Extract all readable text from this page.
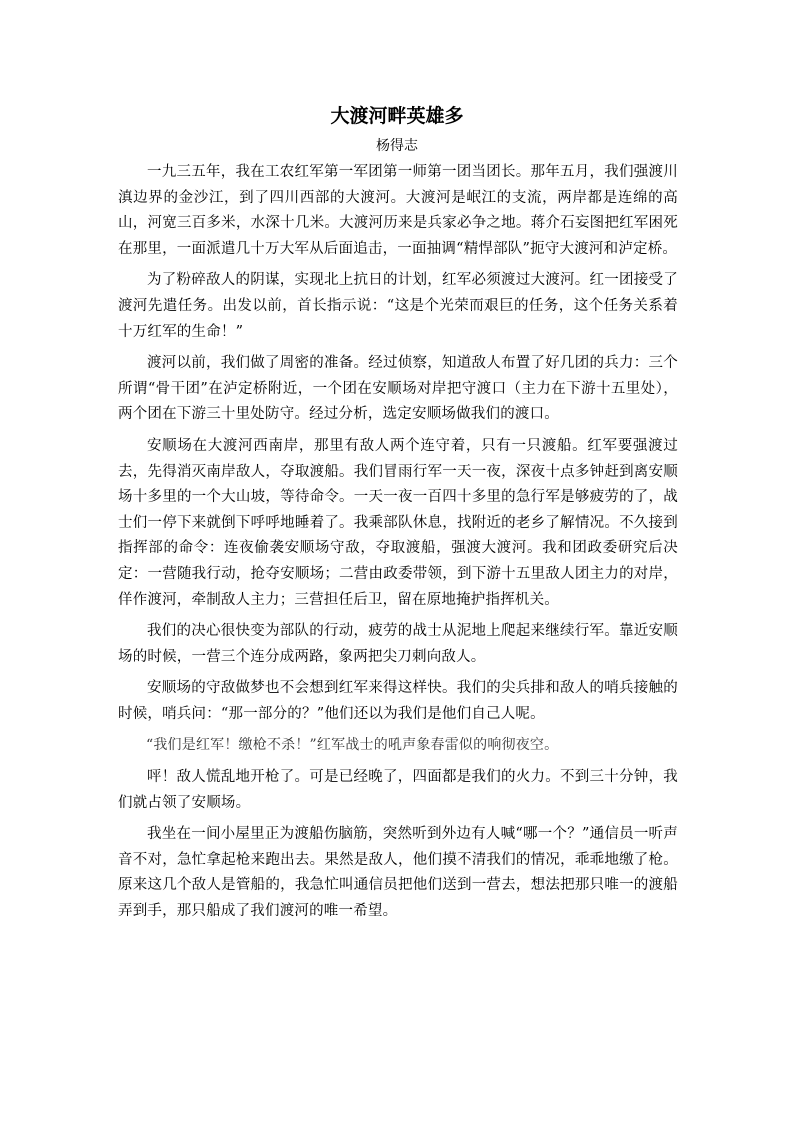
大渡河畔英雄多
杨得志

一九三五年，我在工农红军第一军团第一师第一团当团长。那年五月，我们强渡川滇边界的金沙江，到了四川西部的大渡河。大渡河是岷江的支流，两岸都是连绵的高山，河宽三百多米，水深十几米。大渡河历来是兵家必争之地。蒋介石妄图把红军困死在那里，一面派遣几十万大军从后面追击，一面抽调“精悍部队”扼守大渡河和泸定桥。

为了粉碎敌人的阴谋，实现北上抗日的计划，红军必须渡过大渡河。红一团接受了渡河先遣任务。出发以前，首长指示说：“这是个光荣而艰巨的任务，这个任务关系着十万红军的生命！”

渡河以前，我们做了周密的准备。经过侦察，知道敌人布置了好几团的兵力：三个所谓“骨干团”在泸定桥附近，一个团在安顺场对岸把守渡口（主力在下游十五里处），两个团在下游三十里处防守。经过分析，选定安顺场做我们的渡口。

安顺场在大渡河西南岸，那里有敌人两个连守着，只有一只渡船。红军要强渡过去，先得消灭南岸敌人，夺取渡船。我们冒雨行军一天一夜，深夜十点多钟赶到离安顺场十多里的一个大山坡，等待命令。一天一夜一百四十多里的急行军是够疲劳的了，战士们一停下来就倒下呼呼地睡着了。我乘部队休息，找附近的老乡了解情况。不久接到指挥部的命令：连夜偷袭安顺场守敌，夺取渡船，强渡大渡河。我和团政委研究后决定：一营随我行动，抢夺安顺场；二营由政委带领，到下游十五里敌人团主力的对岸，佯作渡河，牵制敌人主力；三营担任后卫，留在原地掩护指挥机关。

我们的决心很快变为部队的行动，疲劳的战士从泥地上爬起来继续行军。靠近安顺场的时候，一营三个连分成两路，象两把尖刀刺向敌人。

安顺场的守敌做梦也不会想到红军来得这样快。我们的尖兵排和敌人的哨兵接触的时候，哨兵问：“那一部分的？”他们还以为我们是他们自己人呢。

“我们是红军！缴枪不杀！”红军战士的吼声象春雷似的响彻夜空。

呯！敌人慌乱地开枪了。可是已经晚了，四面都是我们的火力。不到三十分钟，我们就占领了安顺场。

我坐在一间小屋里正为渡船伤脑筋，突然听到外边有人喊“哪一个？”通信员一听声音不对，急忙拿起枪来跑出去。果然是敌人，他们摸不清我们的情况，乖乖地缴了枪。原来这几个敌人是管船的，我急忙叫通信员把他们送到一营去，想法把那只唯一的渡船弄到手，那只船成了我们渡河的唯一希望。
